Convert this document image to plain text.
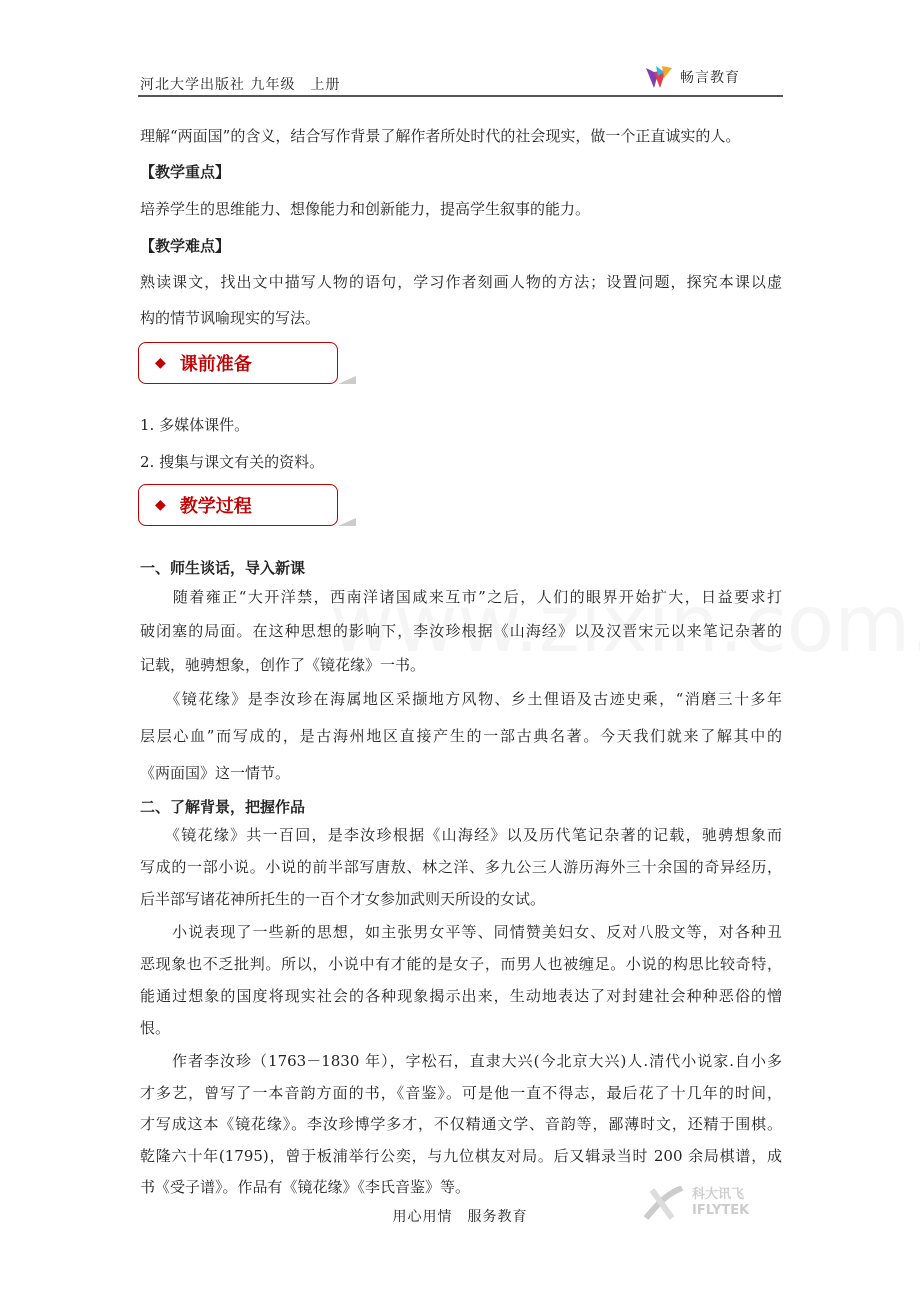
河北大学出版社 九年级　上册	畅言教育
理解“两面国”的含义，结合写作背景了解作者所处时代的社会现实，做一个正直诚实的人。
【教学重点】
培养学生的思维能力、想像能力和创新能力，提高学生叙事的能力。
【教学难点】
熟读课文，找出文中描写人物的语句，学习作者刻画人物的方法；设置问题，探究本课以虚
构的情节讽喻现实的写法。
1. 多媒体课件。
2. 搜集与课文有关的资料。
一、师生谈话，导入新课
　　随着雍正“大开洋禁，西南洋诸国咸来互市”之后，人们的眼界开始扩大，日益要求打
破闭塞的局面。在这种思想的影响下，李汝珍根据《山海经》以及汉晋宋元以来笔记杂著的
记载，驰骋想象，创作了《镜花缘》一书。
　　《镜花缘》是李汝珍在海属地区采撷地方风物、乡土俚语及古迹史乘，“消磨三十多年
层层心血”而写成的，是古海州地区直接产生的一部古典名著。今天我们就来了解其中的
《两面国》这一情节。
二、了解背景，把握作品
　　《镜花缘》共一百回，是李汝珍根据《山海经》以及历代笔记杂著的记载，驰骋想象而
写成的一部小说。小说的前半部写唐敖、林之洋、多九公三人游历海外三十余国的奇异经历，
后半部写诸花神所托生的一百个才女参加武则天所设的女试。
　　小说表现了一些新的思想，如主张男女平等、同情赞美妇女、反对八股文等，对各种丑
恶现象也不乏批判。所以，小说中有才能的是女子，而男人也被缠足。小说的构思比较奇特，
能通过想象的国度将现实社会的各种现象揭示出来，生动地表达了对封建社会种种恶俗的憎
恨。
　　作者李汝珍（1763－1830 年），字松石，直隶大兴(今北京大兴)人.清代小说家.自小多
才多艺，曾写了一本音韵方面的书，《音鉴》。可是他一直不得志，最后花了十几年的时间，
才写成这本《镜花缘》。李汝珍博学多才，不仅精通文学、音韵等，鄙薄时文，还精于围棋。
乾隆六十年(1795)，曾于板浦举行公奕，与九位棋友对局。后又辑录当时 200 余局棋谱，成
书《受子谱》。作品有《镜花缘》《李氏音鉴》等。
◆ 课前准备
◆ 教学过程
用心用情　服务教育
科大讯飞
IFLYTEK
